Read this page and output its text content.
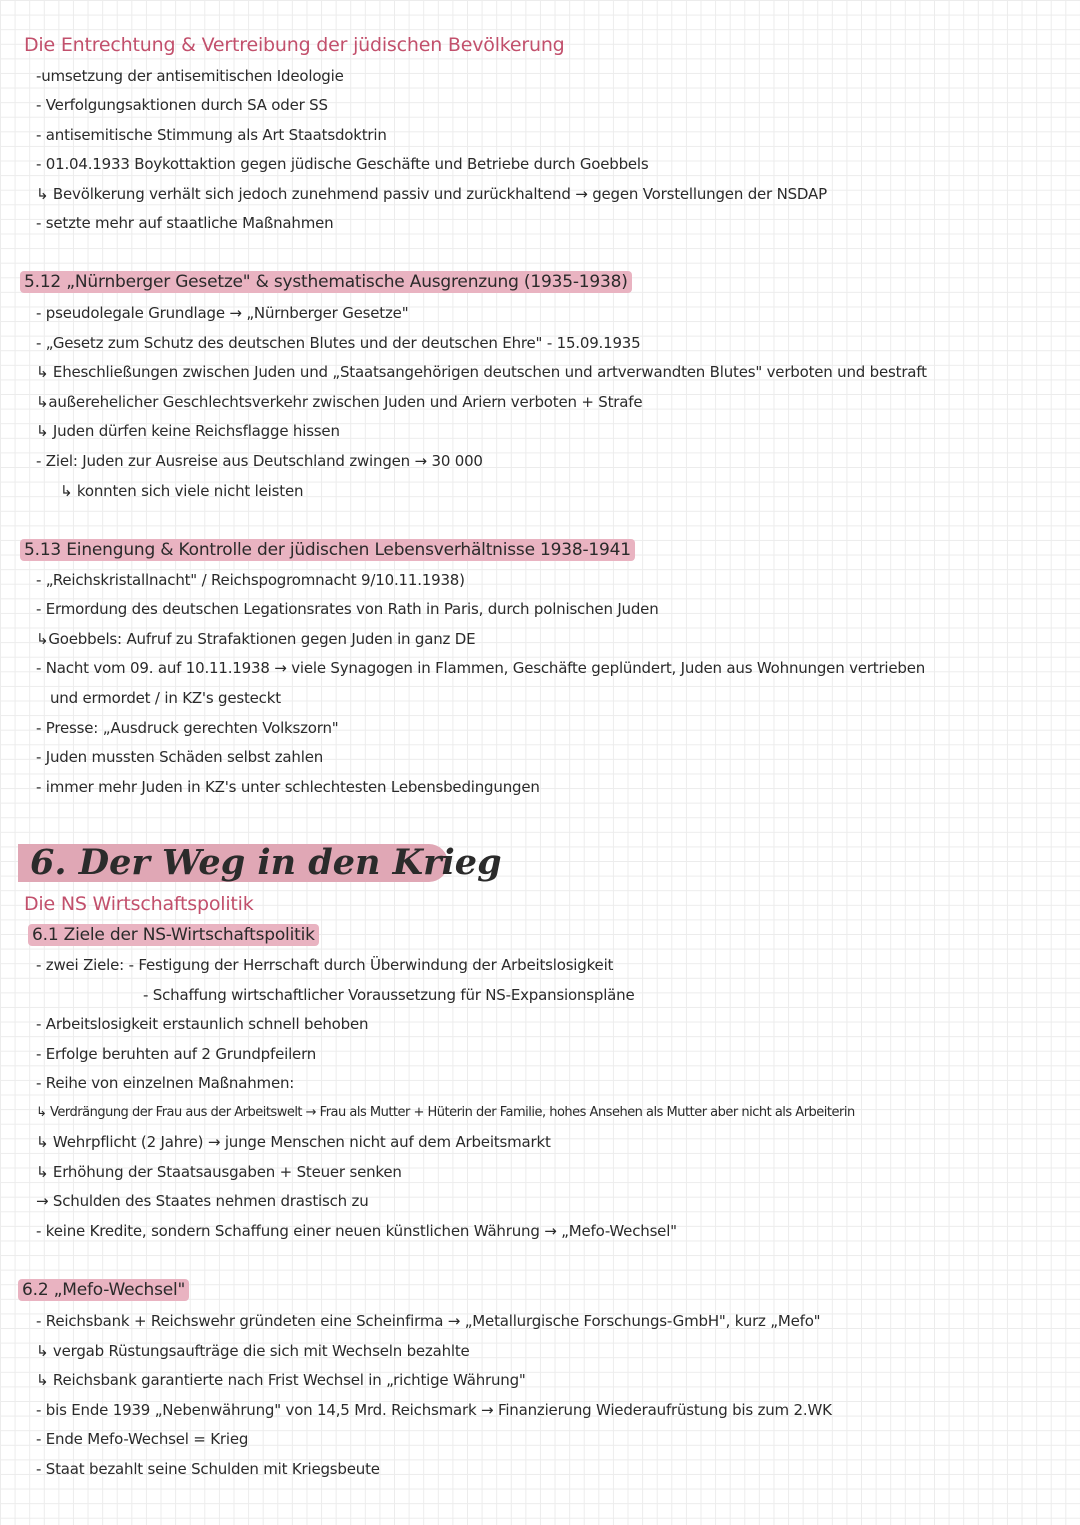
Die Entrechtung & Vertreibung der jüdischen Bevölkerung
-umsetzung der antisemitischen Ideologie
- Verfolgungsaktionen durch SA oder SS
- antisemitische Stimmung als Art Staatsdoktrin
- 01.04.1933 Boykottaktion gegen jüdische Geschäfte und Betriebe durch Goebbels
↳ Bevölkerung verhält sich jedoch zunehmend passiv und zurückhaltend → gegen Vorstellungen der NSDAP
- setzte mehr auf staatliche Maßnahmen
5.12 „Nürnberger Gesetze" & systhematische Ausgrenzung (1935-1938)
- pseudolegale Grundlage → „Nürnberger Gesetze"
- „Gesetz zum Schutz des deutschen Blutes und der deutschen Ehre" - 15.09.1935
↳ Eheschließungen zwischen Juden und „Staatsangehörigen deutschen und artverwandten Blutes" verboten und bestraft
↳außerehelicher Geschlechtsverkehr zwischen Juden und Ariern verboten + Strafe
↳ Juden dürfen keine Reichsflagge hissen
- Ziel: Juden zur Ausreise aus Deutschland zwingen → 30 000
↳ konnten sich viele nicht leisten
5.13 Einengung & Kontrolle der jüdischen Lebensverhältnisse 1938-1941
- „Reichskristallnacht" / Reichspogromnacht 9/10.11.1938)
- Ermordung des deutschen Legationsrates von Rath in Paris, durch polnischen Juden
↳Goebbels: Aufruf zu Strafaktionen gegen Juden in ganz DE
- Nacht vom 09. auf 10.11.1938 → viele Synagogen in Flammen, Geschäfte geplündert, Juden aus Wohnungen vertrieben
und ermordet / in KZ's gesteckt
- Presse: „Ausdruck gerechten Volkszorn"
- Juden mussten Schäden selbst zahlen
- immer mehr Juden in KZ's unter schlechtesten Lebensbedingungen
6. Der Weg in den Krieg
Die NS Wirtschaftspolitik
6.1 Ziele der NS-Wirtschaftspolitik
- zwei Ziele: - Festigung der Herrschaft durch Überwindung der Arbeitslosigkeit
- Schaffung wirtschaftlicher Voraussetzung für NS-Expansionspläne
- Arbeitslosigkeit erstaunlich schnell behoben
- Erfolge beruhten auf 2 Grundpfeilern
- Reihe von einzelnen Maßnahmen:
↳ Verdrängung der Frau aus der Arbeitswelt → Frau als Mutter + Hüterin der Familie, hohes Ansehen als Mutter aber nicht als Arbeiterin
↳ Wehrpflicht (2 Jahre) → junge Menschen nicht auf dem Arbeitsmarkt
↳ Erhöhung der Staatsausgaben + Steuer senken
→ Schulden des Staates nehmen drastisch zu
- keine Kredite, sondern Schaffung einer neuen künstlichen Währung → „Mefo-Wechsel"
6.2 „Mefo-Wechsel"
- Reichsbank + Reichswehr gründeten eine Scheinfirma → „Metallurgische Forschungs-GmbH", kurz „Mefo"
↳ vergab Rüstungsaufträge die sich mit Wechseln bezahlte
↳ Reichsbank garantierte nach Frist Wechsel in „richtige Währung"
- bis Ende 1939 „Nebenwährung" von 14,5 Mrd. Reichsmark → Finanzierung Wiederaufrüstung bis zum 2.WK
- Ende Mefo-Wechsel = Krieg
- Staat bezahlt seine Schulden mit Kriegsbeute
